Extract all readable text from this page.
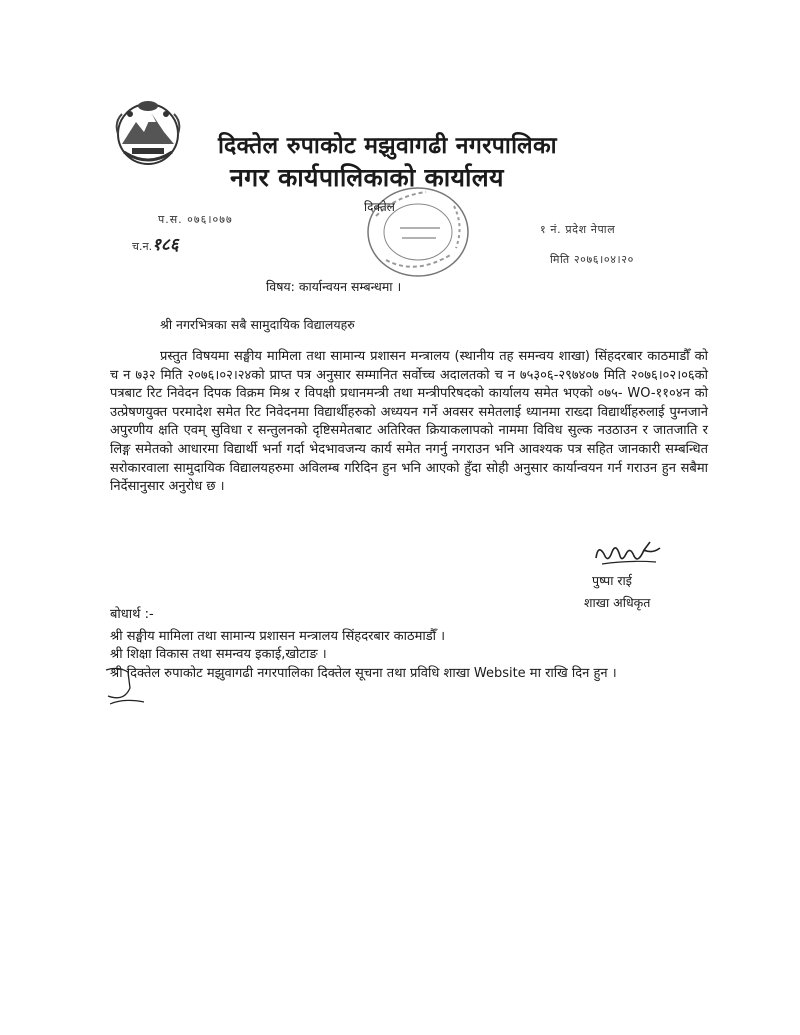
दिक्तेल रुपाकोट मझुवागढी नगरपालिका
नगर कार्यपालिकाको कार्यालय
दिक्तेल
प.स. ०७६।०७७
च.न.१८६
१ नं. प्रदेश नेपाल
मिति २०७६।०४।२०
विषय: कार्यान्वयन सम्बन्धमा ।
श्री नगरभित्रका सबै सामुदायिक विद्यालयहरु
प्रस्तुत विषयमा सङ्घीय मामिला तथा सामान्य प्रशासन मन्त्रालय (स्थानीय तह समन्वय शाखा) सिंहदरबार काठमाडौँ को च न ७३२ मिति २०७६।०२।२४को प्राप्त पत्र अनुसार सम्मानित सर्वोच्च अदालतको च न ७५३०६-२९७४०७ मिति २०७६।०२।०६को पत्रबाट रिट निवेदन दिपक विक्रम मिश्र र विपक्षी प्रधानमन्त्री तथा मन्त्रीपरिषदको कार्यालय समेत भएको ०७५- WO-११०४न को उत्प्रेषणयुक्त परमादेश समेत रिट निवेदनमा विद्यार्थीहरुको अध्ययन गर्ने अवसर समेतलाई ध्यानमा राख्दा विद्यार्थीहरुलाई पुग्नजाने अपुरणीय क्षति एवम् सुविधा र सन्तुलनको दृष्टिसमेतबाट अतिरिक्त क्रियाकलापको नाममा विविध सुल्क नउठाउन र जातजाति र लिङ्ग समेतको आधारमा विद्यार्थी भर्ना गर्दा भेदभावजन्य कार्य समेत नगर्नु नगराउन भनि आवश्यक पत्र सहित जानकारी सम्बन्धित सरोकारवाला सामुदायिक विद्यालयहरुमा अविलम्ब गरिदिन हुन भनि आएको हुँदा सोही अनुसार कार्यान्वयन गर्न गराउन हुन सबैमा निर्देसानुसार अनुरोध छ ।
पुष्पा राई
शाखा अधिकृत
बोधार्थ :-
श्री सङ्घीय मामिला तथा सामान्य प्रशासन मन्त्रालय सिंहदरबार काठमाडौँ ।
श्री शिक्षा विकास तथा समन्वय इकाई,खोटाङ ।
श्री दिक्तेल रुपाकोट मझुवागढी नगरपालिका दिक्तेल सूचना तथा प्रविधि शाखा Website मा राखि दिन हुन ।
